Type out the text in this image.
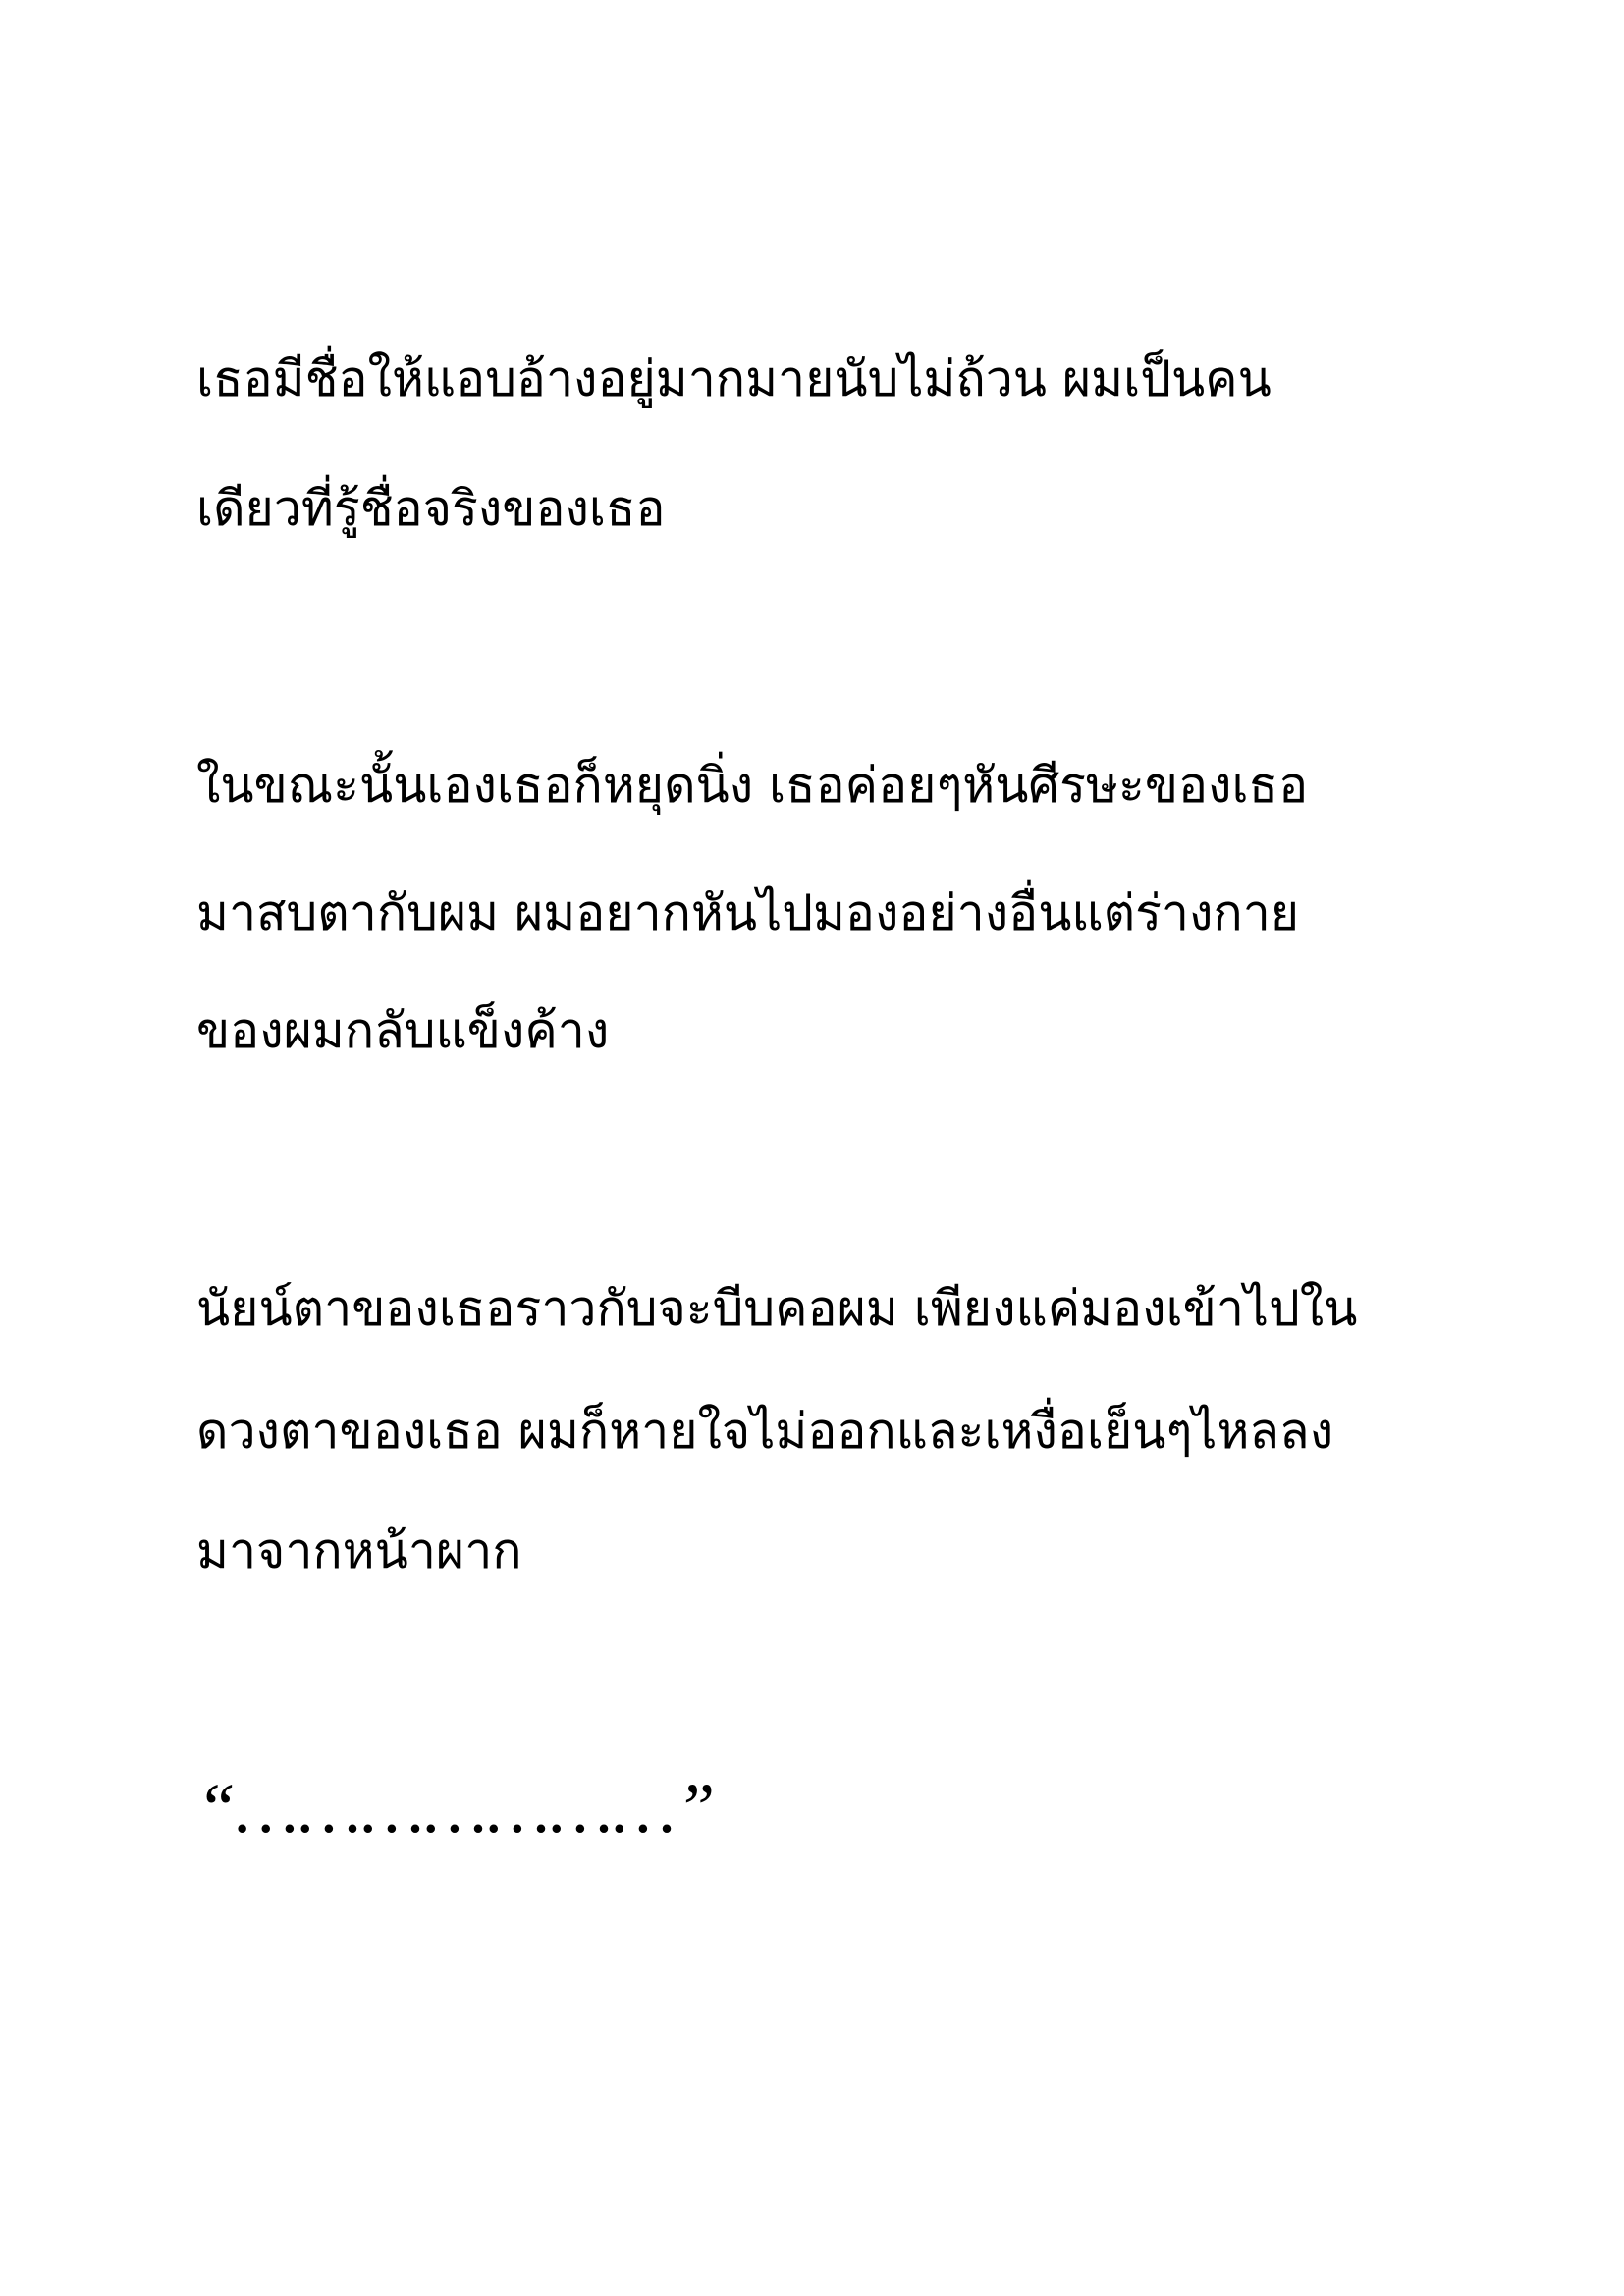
เธอมีชื่อให้แอบอ้างอยู่มากมายนับไม่ถ้วน ผมเป็นคน

เดียวที่รู้ชื่อจริงของเธอ

ในขณะนั้นเองเธอก็หยุดนิ่ง เธอค่อยๆหันศีรษะของเธอ

มาสบตากับผม ผมอยากหันไปมองอย่างอื่นแต่ร่างกาย

ของผมกลับแข็งค้าง

นัยน์ตาของเธอราวกับจะบีบคอผม เพียงแค่มองเข้าไปใน

ดวงตาของเธอ ผมก็หายใจไม่ออกและเหงื่อเย็นๆไหลลง

มาจากหน้าผาก

“…………………”
